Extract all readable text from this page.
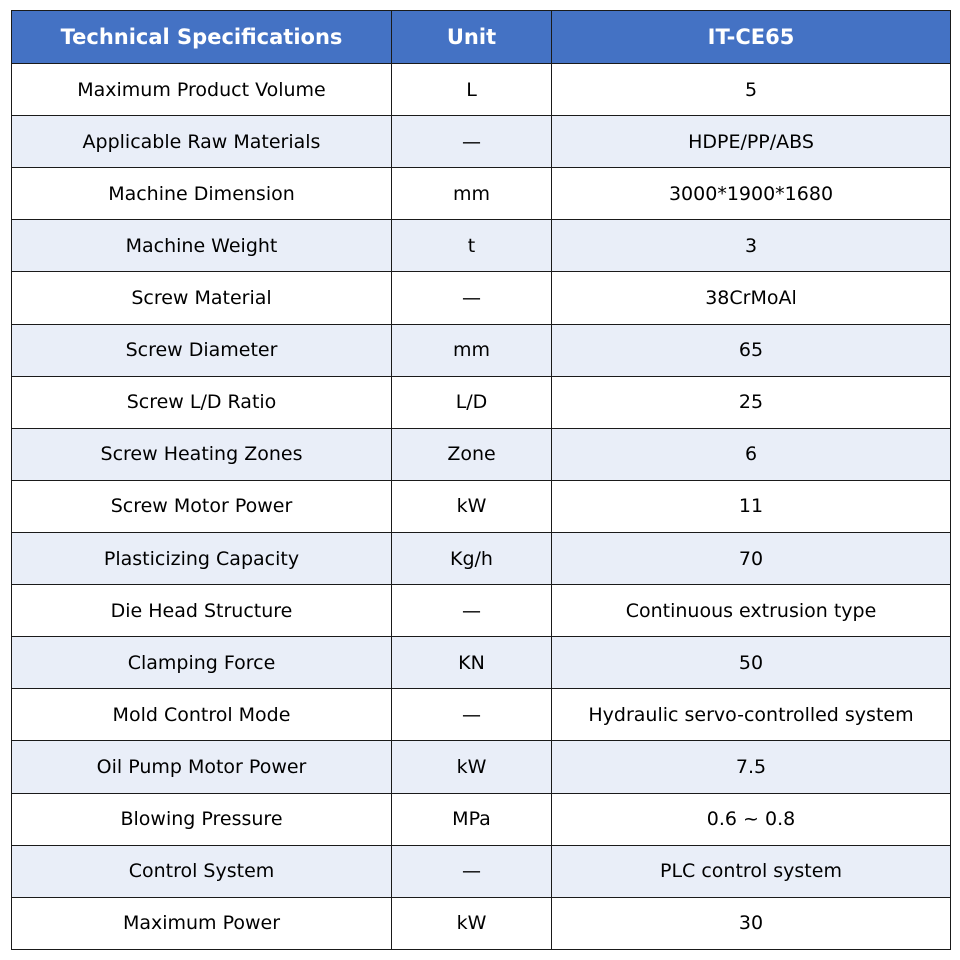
Technical Specifications	Unit	IT-CE65
Maximum Product Volume	L	5
Applicable Raw Materials	—	HDPE/PP/ABS
Machine Dimension	mm	3000*1900*1680
Machine Weight	t	3
Screw Material	—	38CrMoAl
Screw Diameter	mm	65
Screw L/D Ratio	L/D	25
Screw Heating Zones	Zone	6
Screw Motor Power	kW	11
Plasticizing Capacity	Kg/h	70
Die Head Structure	—	Continuous extrusion type
Clamping Force	KN	50
Mold Control Mode	—	Hydraulic servo-controlled system
Oil Pump Motor Power	kW	7.5
Blowing Pressure	MPa	0.6 ~ 0.8
Control System	—	PLC control system
Maximum Power	kW	30
